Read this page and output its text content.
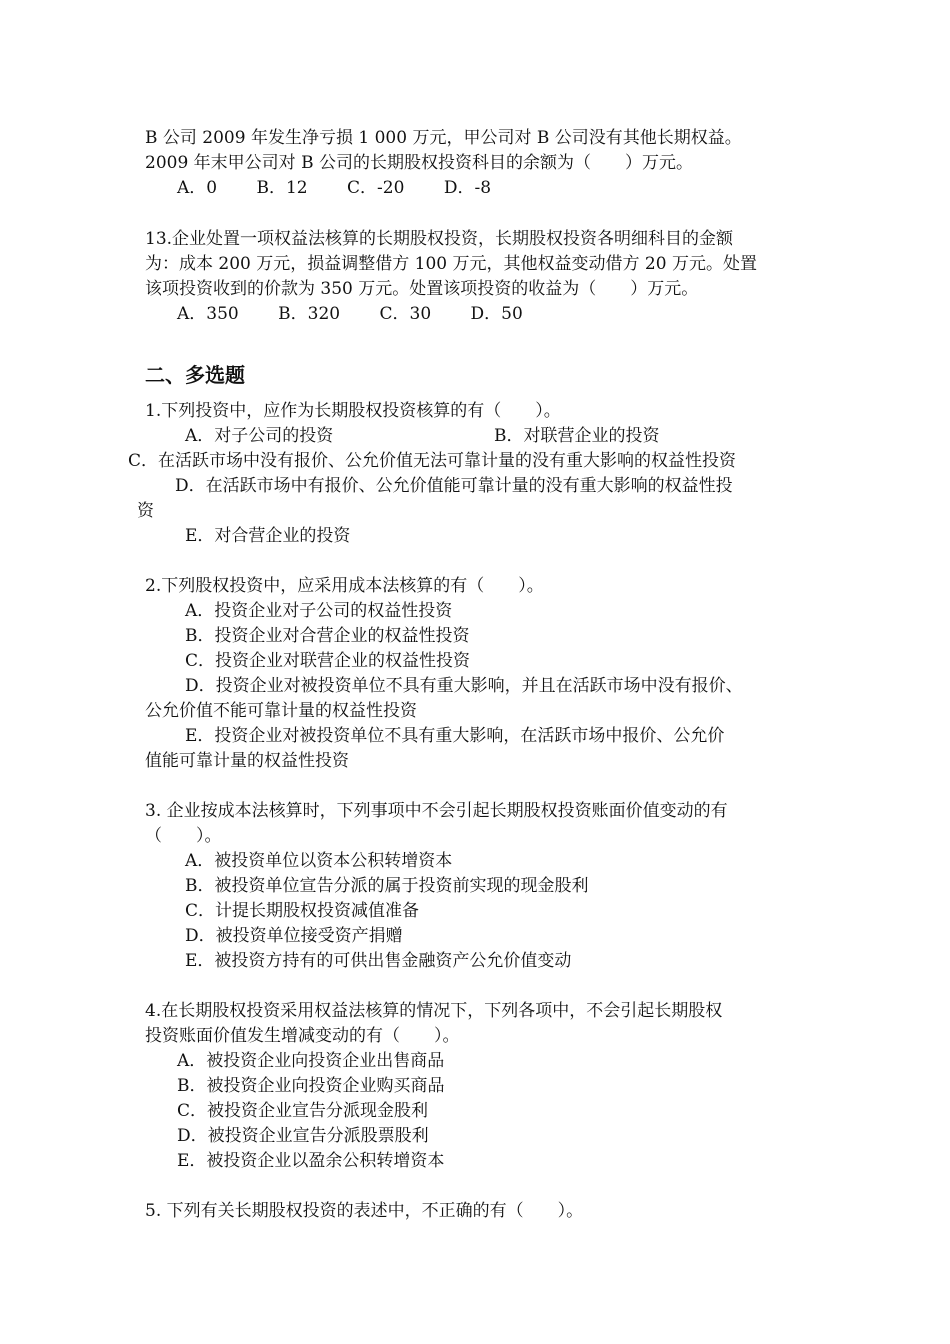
B 公司 2009 年发生净亏损 1 000 万元，甲公司对 B 公司没有其他长期权益。
2009 年末甲公司对 B 公司的长期股权投资科目的余额为（　　）万元。
A．0 B．12 C．-20 D．-8
13.企业处置一项权益法核算的长期股权投资，长期股权投资各明细科目的金额
为：成本 200 万元，损益调整借方 100 万元，其他权益变动借方 20 万元。处置
该项投资收到的价款为 350 万元。处置该项投资的收益为（　　）万元。
A．350 B．320 C．30 D．50
二、多选题
1.下列投资中，应作为长期股权投资核算的有（　　）。
A．对子公司的投资	B．对联营企业的投资
C．在活跃市场中没有报价、公允价值无法可靠计量的没有重大影响的权益性投资
D．在活跃市场中有报价、公允价值能可靠计量的没有重大影响的权益性投
资
E．对合营企业的投资
2.下列股权投资中，应采用成本法核算的有（　　）。
A．投资企业对子公司的权益性投资
B．投资企业对合营企业的权益性投资
C．投资企业对联营企业的权益性投资
D．投资企业对被投资单位不具有重大影响，并且在活跃市场中没有报价、
公允价值不能可靠计量的权益性投资
E．投资企业对被投资单位不具有重大影响，在活跃市场中报价、公允价
值能可靠计量的权益性投资
3. 企业按成本法核算时，下列事项中不会引起长期股权投资账面价值变动的有
（　　）。
A．被投资单位以资本公积转增资本
B．被投资单位宣告分派的属于投资前实现的现金股利
C．计提长期股权投资减值准备
D．被投资单位接受资产捐赠
E．被投资方持有的可供出售金融资产公允价值变动
4.在长期股权投资采用权益法核算的情况下，下列各项中，不会引起长期股权
投资账面价值发生增减变动的有（　　）。
A．被投资企业向投资企业出售商品
B．被投资企业向投资企业购买商品
C．被投资企业宣告分派现金股利
D．被投资企业宣告分派股票股利
E．被投资企业以盈余公积转增资本
5. 下列有关长期股权投资的表述中，不正确的有（　　）。
